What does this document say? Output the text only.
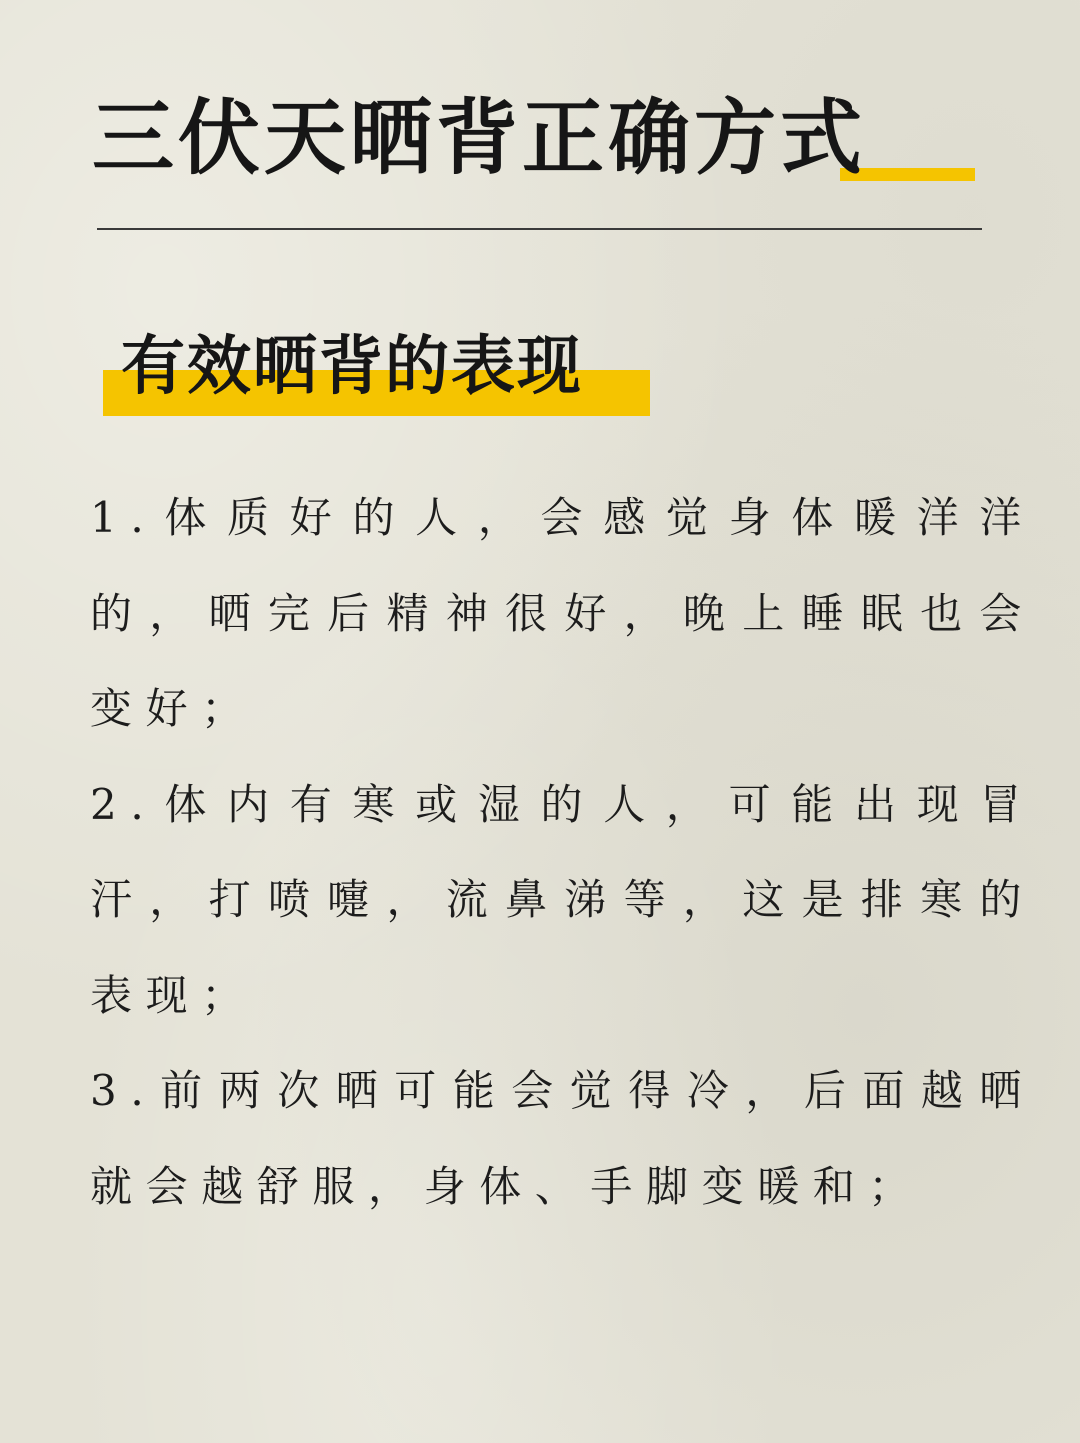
三伏天晒背正确方式
有效晒背的表现
1.体质好的人，会感觉身体暖洋洋的，晒完后精神很好，晚上睡眠也会变好；
2.体内有寒或湿的人，可能出现冒汗，打喷嚏，流鼻涕等，这是排寒的表现；
3.前两次晒可能会觉得冷，后面越晒就会越舒服，身体、手脚变暖和；
